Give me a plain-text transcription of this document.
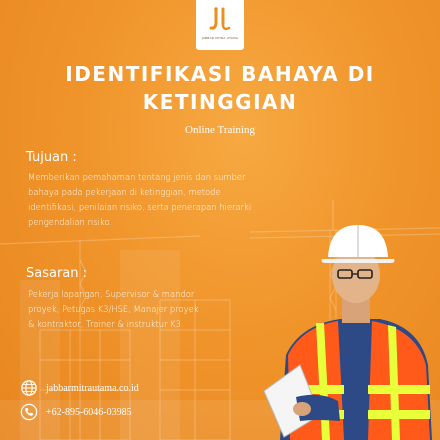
JABBAR MITRA UTAMA
IDENTIFIKASI BAHAYA DI
KETINGGIAN
Online Training
Tujuan :
Memberikan pemahaman tentang jenis dan sumber
bahaya pada pekerjaan di ketinggian, metode
identifikasi, penilaian risiko, serta penerapan hierarki
pengendalian risiko.
Sasaran :
Pekerja lapangan, Supervisor & mandor
proyek, Petugas K3/HSE, Manajer proyek
& kontraktor, Trainer & instruktur K3
jabbarmitrautama.co.id
+62-895-6046-03985
